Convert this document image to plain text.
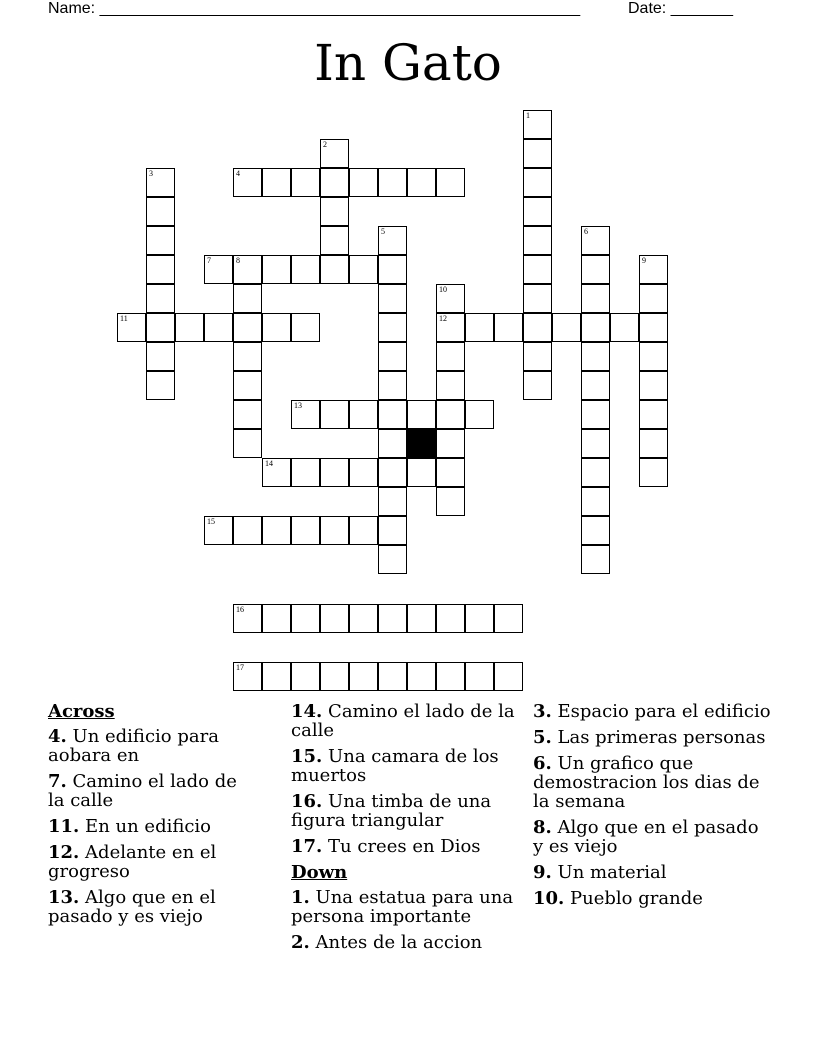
Name: ______________________________________________________	Date: _______
In Gato
1
2
3	4
5	6
7	8	9
10
12
11
13
14
15
16
17
Across
4. Un edificio para aobara en
7. Camino el lado de la calle
11. En un edificio
12. Adelante en el grogreso
13. Algo que en el pasado y es viejo
14. Camino el lado de la calle
15. Una camara de los muertos
16. Una timba de una figura triangular
17. Tu crees en Dios
Down
1. Una estatua para una persona importante
2. Antes de la accion
3. Espacio para el edificio
5. Las primeras personas
6. Un grafico que demostracion los dias de la semana
8. Algo que en el pasado y es viejo
9. Un material
10. Pueblo grande
